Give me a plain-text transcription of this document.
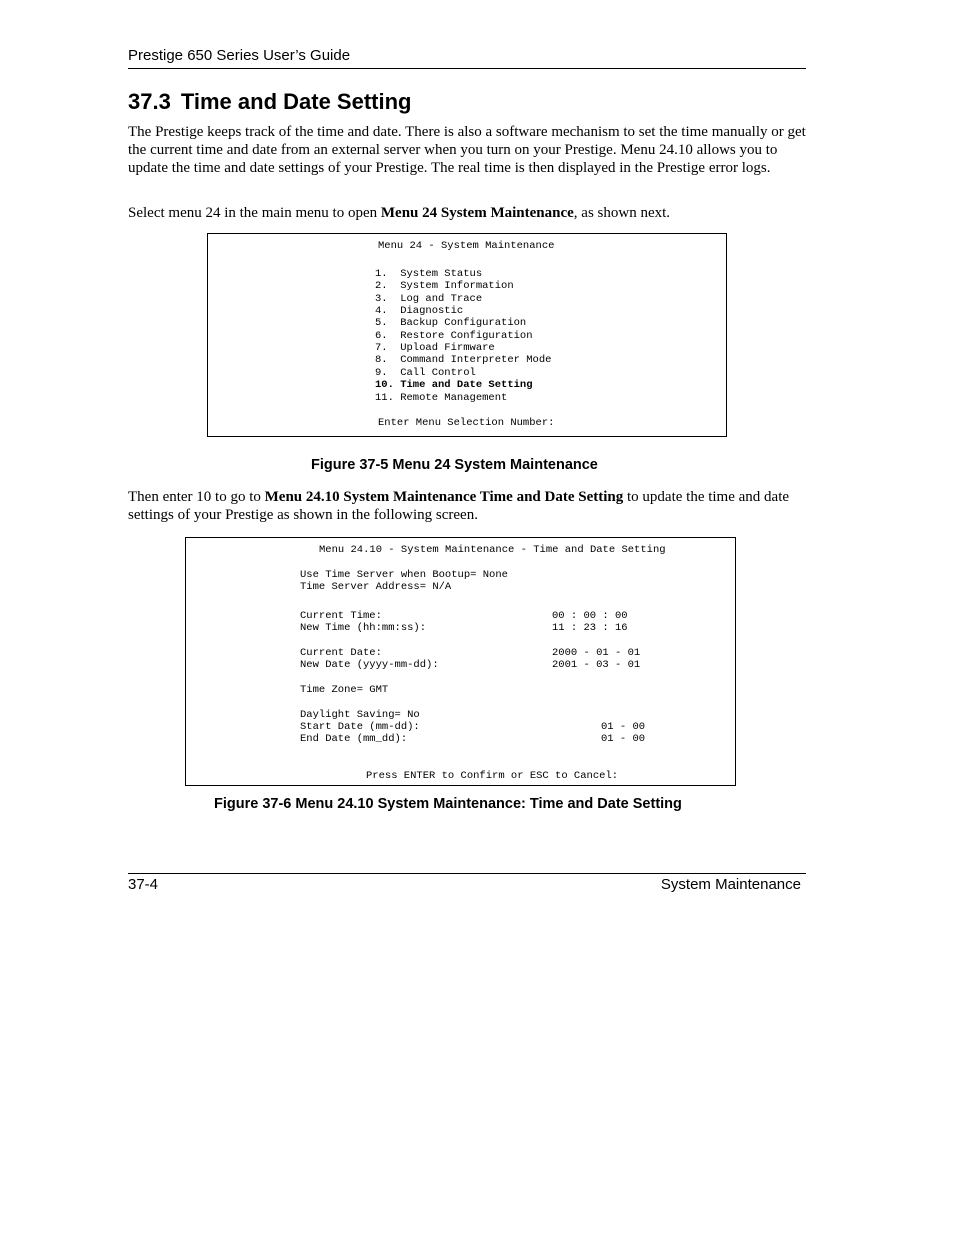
Prestige 650 Series User’s Guide
37.3 Time and Date Setting
The Prestige keeps track of the time and date. There is also a software mechanism to set the time manually or get the current time and date from an external server when you turn on your Prestige. Menu 24.10 allows you to update the time and date settings of your Prestige. The real time is then displayed in the Prestige error logs.
Select menu 24 in the main menu to open Menu 24 System Maintenance, as shown next.
Menu 24 - System Maintenance
1.  System Status
2.  System Information
3.  Log and Trace
4.  Diagnostic
5.  Backup Configuration
6.  Restore Configuration
7.  Upload Firmware
8.  Command Interpreter Mode
9.  Call Control
10. Time and Date Setting
11. Remote Management
Enter Menu Selection Number:
Figure 37-5 Menu 24 System Maintenance
Then enter 10 to go to Menu 24.10 System Maintenance Time and Date Setting to update the time and date settings of your Prestige as shown in the following screen.
Menu 24.10 - System Maintenance - Time and Date Setting
Use Time Server when Bootup= None
Time Server Address= N/A
Current Time:	00 : 00 : 00
New Time (hh:mm:ss):	11 : 23 : 16
Current Date:	2000 - 01 - 01
New Date (yyyy-mm-dd):	2001 - 03 - 01
Time Zone= GMT
Daylight Saving= No
Start Date (mm-dd):	01 - 00
End Date (mm_dd):	01 - 00
Press ENTER to Confirm or ESC to Cancel:
Figure 37-6 Menu 24.10 System Maintenance: Time and Date Setting
37-4	System Maintenance
